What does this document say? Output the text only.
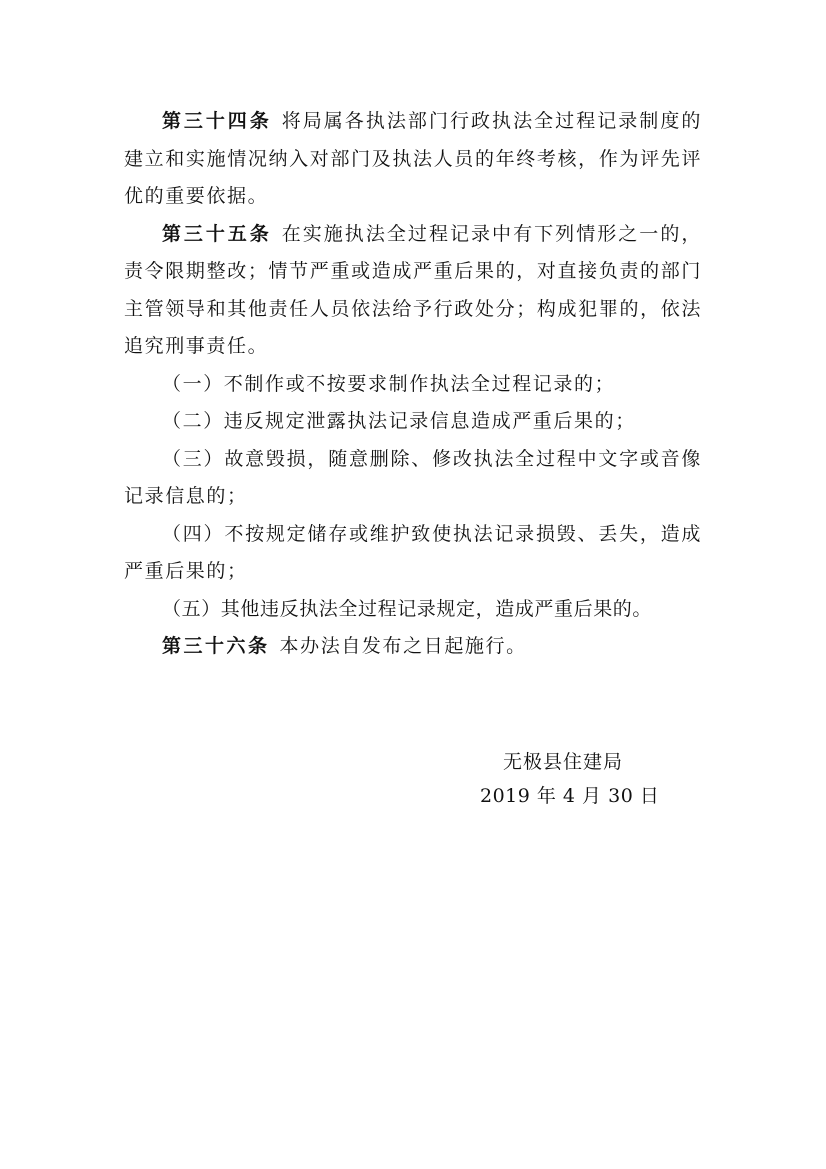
第三十四条 将局属各执法部门行政执法全过程记录制度的建立和实施情况纳入对部门及执法人员的年终考核，作为评先评优的重要依据。

第三十五条 在实施执法全过程记录中有下列情形之一的，责令限期整改；情节严重或造成严重后果的，对直接负责的部门主管领导和其他责任人员依法给予行政处分；构成犯罪的，依法追究刑事责任。

（一）不制作或不按要求制作执法全过程记录的；

（二）违反规定泄露执法记录信息造成严重后果的；

（三）故意毁损，随意删除、修改执法全过程中文字或音像记录信息的；

（四）不按规定储存或维护致使执法记录损毁、丢失，造成严重后果的；

（五）其他违反执法全过程记录规定，造成严重后果的。

第三十六条 本办法自发布之日起施行。

无极县住建局
2019 年 4 月 30 日
